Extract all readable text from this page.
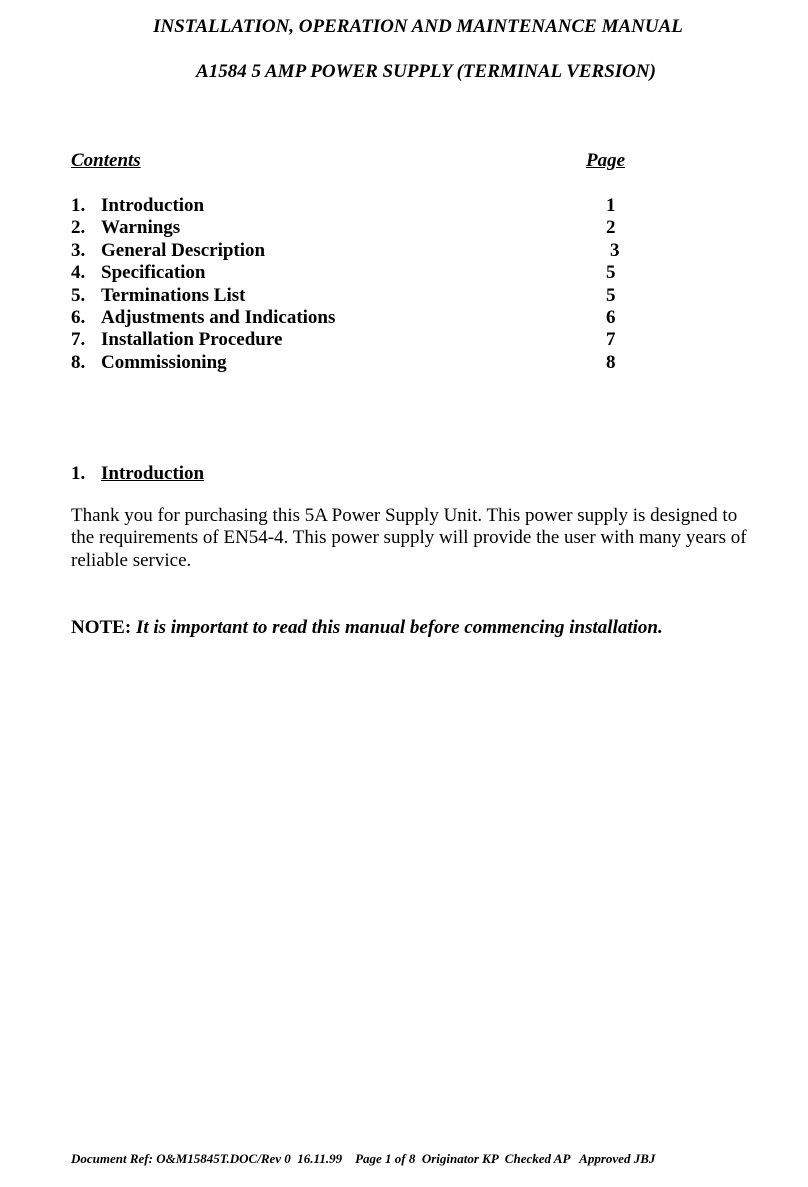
INSTALLATION, OPERATION AND MAINTENANCE MANUAL
A1584 5 AMP POWER SUPPLY (TERMINAL VERSION)
Contents	Page
1. Introduction	1
2. Warnings	2
3. General Description	3
4. Specification	5
5. Terminations List	5
6. Adjustments and Indications	6
7. Installation Procedure	7
8. Commissioning	8
1. Introduction

Thank you for purchasing this 5A Power Supply Unit. This power supply is designed to the requirements of EN54-4. This power supply will provide the user with many years of reliable service.

NOTE: It is important to read this manual before commencing installation.
Document Ref: O&M15845T.DOC/Rev 0  16.11.99    Page 1 of 8  Originator KP  Checked AP   Approved JBJ
